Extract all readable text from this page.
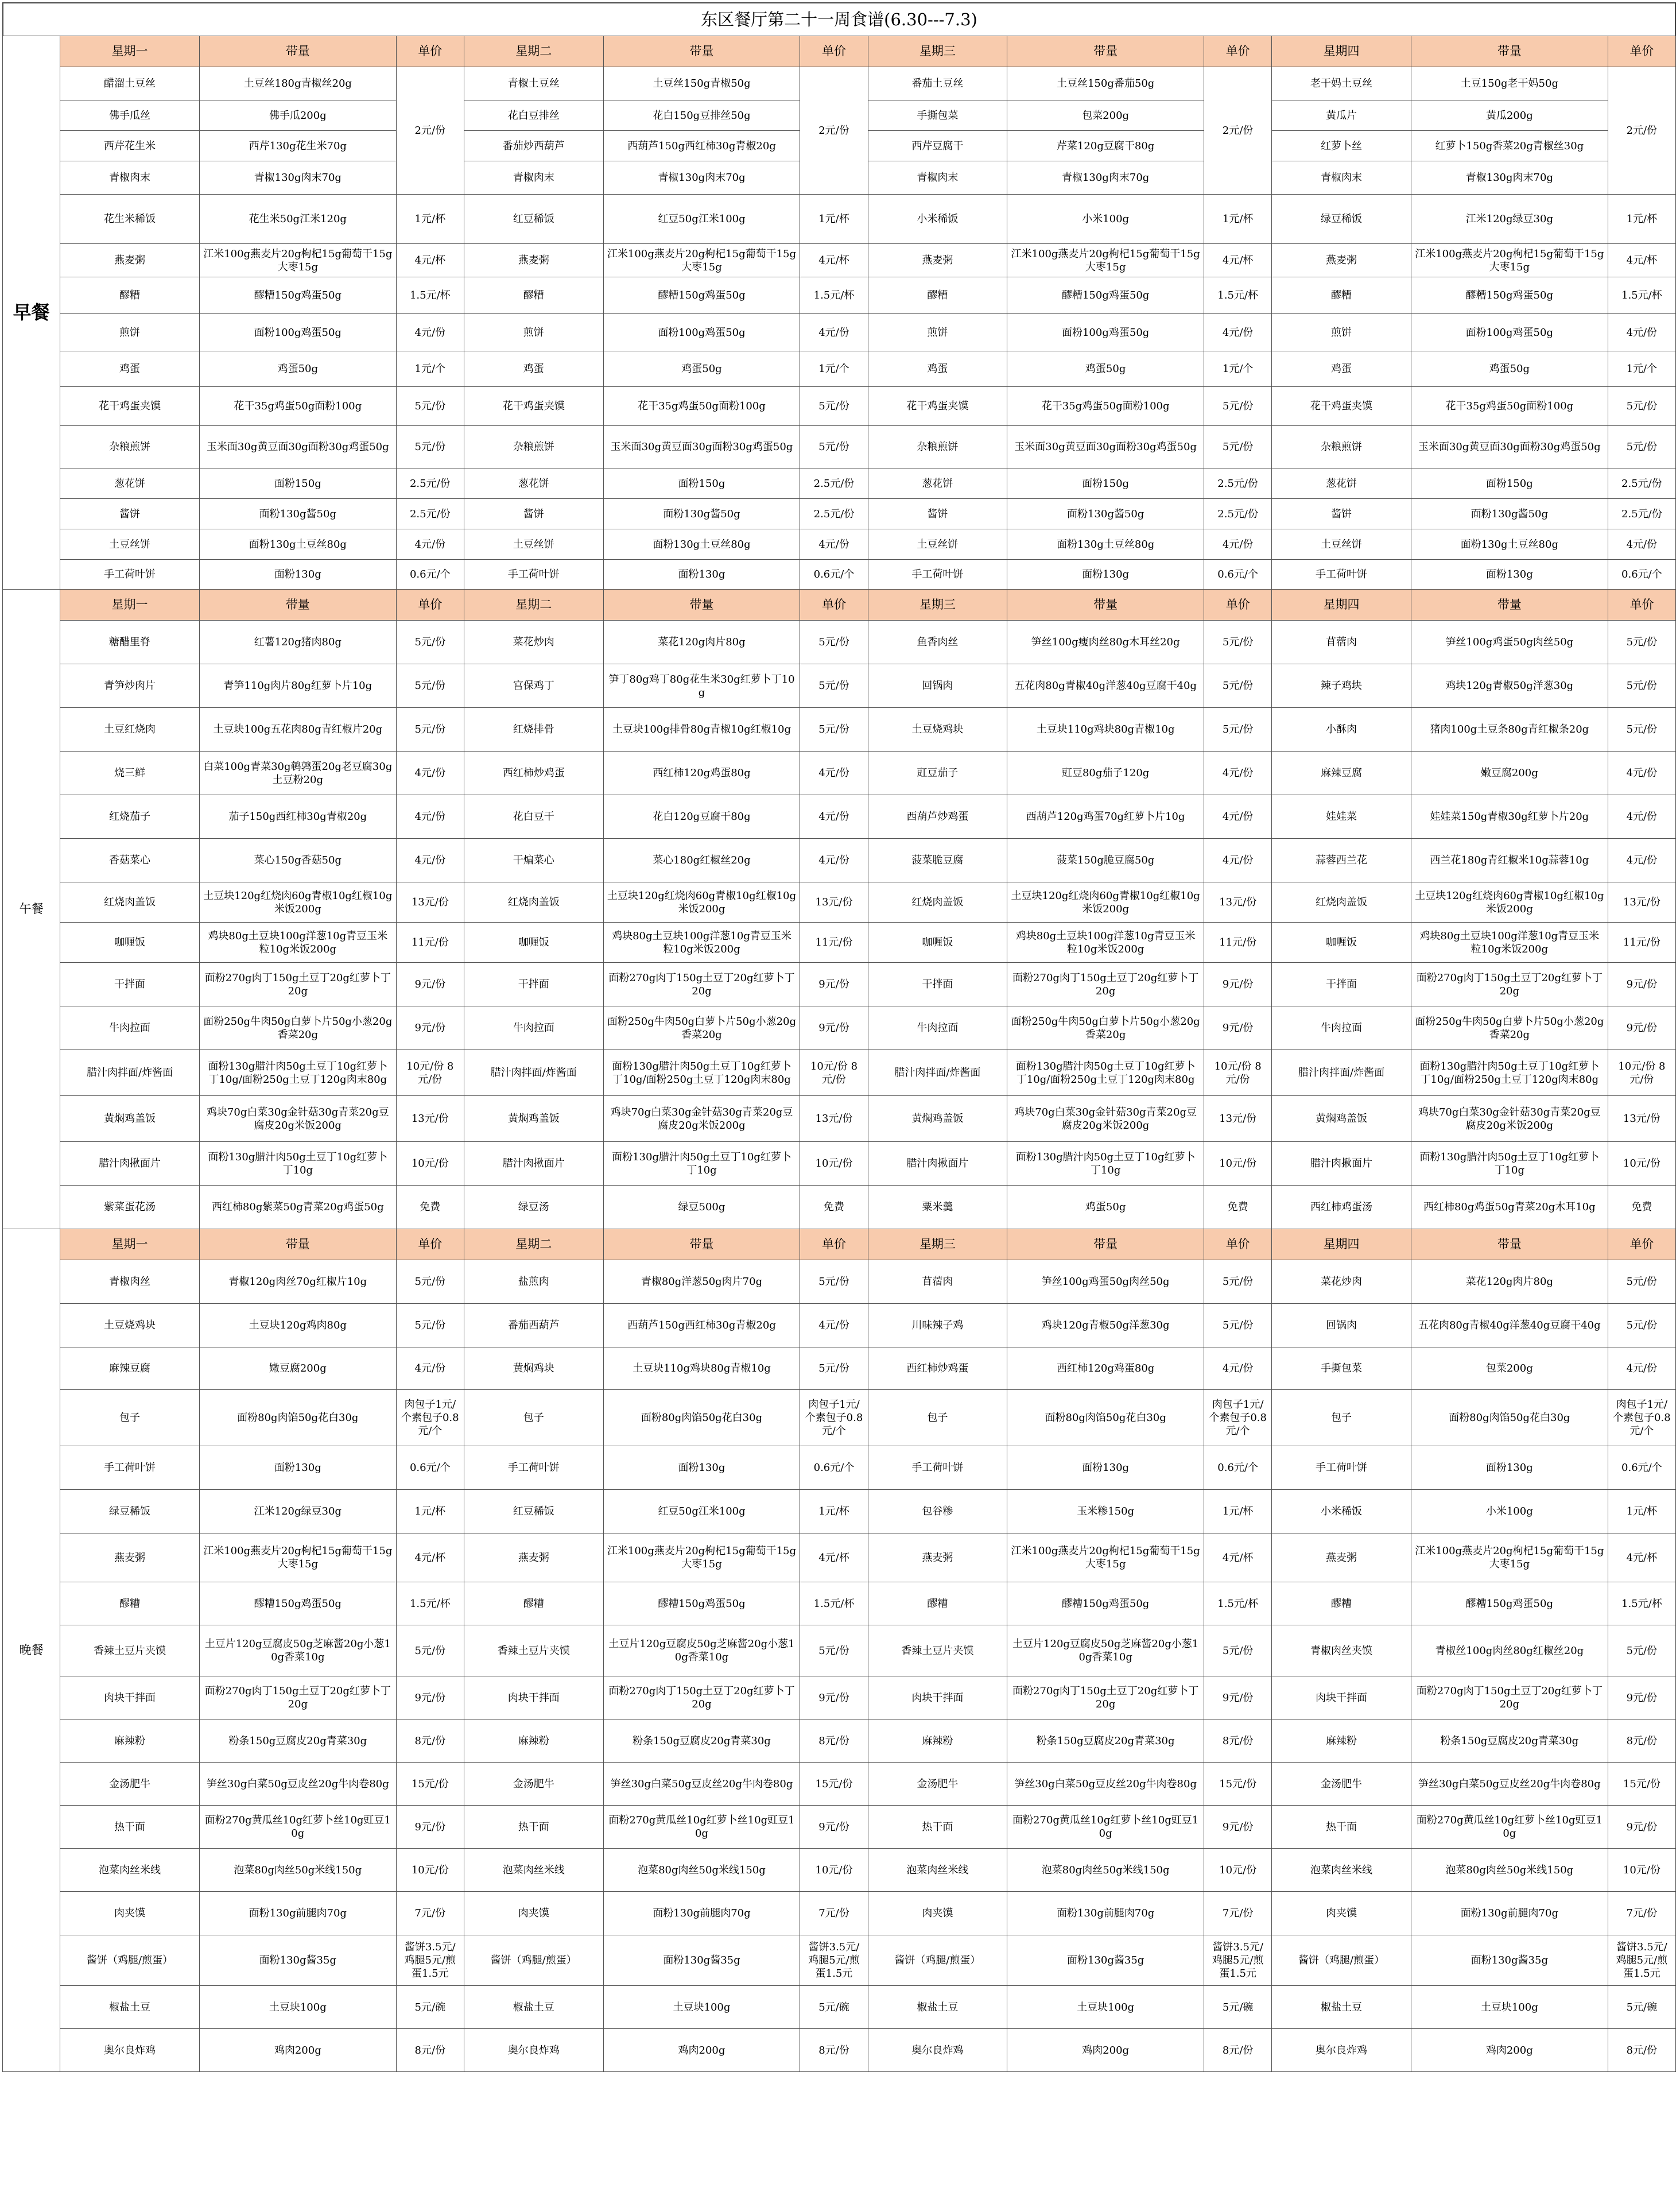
东区餐厅第二十一周食谱(6.30---7.3)
早餐	星期一	带量	单价	星期二	带量	单价	星期三	带量	单价	星期四	带量	单价
	醋溜土豆丝	土豆丝180g青椒丝20g	2元/份	青椒土豆丝	土豆丝150g青椒50g	2元/份	番茄土豆丝	土豆丝150g番茄50g	2元/份	老干妈土豆丝	土豆150g老干妈50g	2元/份
	佛手瓜丝	佛手瓜200g		花白豆排丝	花白150g豆排丝50g		手撕包菜	包菜200g		黄瓜片	黄瓜200g	
	西芹花生米	西芹130g花生米70g		番茄炒西葫芦	西葫芦150g西红柿30g青椒20g		西芹豆腐干	芹菜120g豆腐干80g		红萝卜丝	红萝卜150g香菜20g青椒丝30g	
	青椒肉末	青椒130g肉末70g		青椒肉末	青椒130g肉末70g		青椒肉末	青椒130g肉末70g		青椒肉末	青椒130g肉末70g	
	花生米稀饭	花生米50g江米120g	1元/杯	红豆稀饭	红豆50g江米100g	1元/杯	小米稀饭	小米100g	1元/杯	绿豆稀饭	江米120g绿豆30g	1元/杯
	燕麦粥	江米100g燕麦片20g枸杞15g葡萄干15g大枣15g	4元/杯	燕麦粥	江米100g燕麦片20g枸杞15g葡萄干15g大枣15g	4元/杯	燕麦粥	江米100g燕麦片20g枸杞15g葡萄干15g大枣15g	4元/杯	燕麦粥	江米100g燕麦片20g枸杞15g葡萄干15g大枣15g	4元/杯
	醪糟	醪糟150g鸡蛋50g	1.5元/杯	醪糟	醪糟150g鸡蛋50g	1.5元/杯	醪糟	醪糟150g鸡蛋50g	1.5元/杯	醪糟	醪糟150g鸡蛋50g	1.5元/杯
	煎饼	面粉100g鸡蛋50g	4元/份	煎饼	面粉100g鸡蛋50g	4元/份	煎饼	面粉100g鸡蛋50g	4元/份	煎饼	面粉100g鸡蛋50g	4元/份
	鸡蛋	鸡蛋50g	1元/个	鸡蛋	鸡蛋50g	1元/个	鸡蛋	鸡蛋50g	1元/个	鸡蛋	鸡蛋50g	1元/个
	花干鸡蛋夹馍	花干35g鸡蛋50g面粉100g	5元/份	花干鸡蛋夹馍	花干35g鸡蛋50g面粉100g	5元/份	花干鸡蛋夹馍	花干35g鸡蛋50g面粉100g	5元/份	花干鸡蛋夹馍	花干35g鸡蛋50g面粉100g	5元/份
	杂粮煎饼	玉米面30g黄豆面30g面粉30g鸡蛋50g	5元/份	杂粮煎饼	玉米面30g黄豆面30g面粉30g鸡蛋50g	5元/份	杂粮煎饼	玉米面30g黄豆面30g面粉30g鸡蛋50g	5元/份	杂粮煎饼	玉米面30g黄豆面30g面粉30g鸡蛋50g	5元/份
	葱花饼	面粉150g	2.5元/份	葱花饼	面粉150g	2.5元/份	葱花饼	面粉150g	2.5元/份	葱花饼	面粉150g	2.5元/份
	酱饼	面粉130g酱50g	2.5元/份	酱饼	面粉130g酱50g	2.5元/份	酱饼	面粉130g酱50g	2.5元/份	酱饼	面粉130g酱50g	2.5元/份
	土豆丝饼	面粉130g土豆丝80g	4元/份	土豆丝饼	面粉130g土豆丝80g	4元/份	土豆丝饼	面粉130g土豆丝80g	4元/份	土豆丝饼	面粉130g土豆丝80g	4元/份
	手工荷叶饼	面粉130g	0.6元/个	手工荷叶饼	面粉130g	0.6元/个	手工荷叶饼	面粉130g	0.6元/个	手工荷叶饼	面粉130g	0.6元/个
午餐	星期一	带量	单价	星期二	带量	单价	星期三	带量	单价	星期四	带量	单价
	糖醋里脊	红薯120g猪肉80g	5元/份	菜花炒肉	菜花120g肉片80g	5元/份	鱼香肉丝	笋丝100g瘦肉丝80g木耳丝20g	5元/份	苜蓿肉	笋丝100g鸡蛋50g肉丝50g	5元/份
	青笋炒肉片	青笋110g肉片80g红萝卜片10g	5元/份	宫保鸡丁	笋丁80g鸡丁80g花生米30g红萝卜丁10g	5元/份	回锅肉	五花肉80g青椒40g洋葱40g豆腐干40g	5元/份	辣子鸡块	鸡块120g青椒50g洋葱30g	5元/份
	土豆红烧肉	土豆块100g五花肉80g青红椒片20g	5元/份	红烧排骨	土豆块100g排骨80g青椒10g红椒10g	5元/份	土豆烧鸡块	土豆块110g鸡块80g青椒10g	5元/份	小酥肉	猪肉100g土豆条80g青红椒条20g	5元/份
	烧三鲜	白菜100g青菜30g鹌鹑蛋20g老豆腐30g土豆粉20g	4元/份	西红柿炒鸡蛋	西红柿120g鸡蛋80g	4元/份	豇豆茄子	豇豆80g茄子120g	4元/份	麻辣豆腐	嫩豆腐200g	4元/份
	红烧茄子	茄子150g西红柿30g青椒20g	4元/份	花白豆干	花白120g豆腐干80g	4元/份	西葫芦炒鸡蛋	西葫芦120g鸡蛋70g红萝卜片10g	4元/份	娃娃菜	娃娃菜150g青椒30g红萝卜片20g	4元/份
	香菇菜心	菜心150g香菇50g	4元/份	干煸菜心	菜心180g红椒丝20g	4元/份	菠菜脆豆腐	菠菜150g脆豆腐50g	4元/份	蒜蓉西兰花	西兰花180g青红椒米10g蒜蓉10g	4元/份
	红烧肉盖饭	土豆块120g红烧肉60g青椒10g红椒10g米饭200g	13元/份	红烧肉盖饭	土豆块120g红烧肉60g青椒10g红椒10g米饭200g	13元/份	红烧肉盖饭	土豆块120g红烧肉60g青椒10g红椒10g米饭200g	13元/份	红烧肉盖饭	土豆块120g红烧肉60g青椒10g红椒10g米饭200g	13元/份
	咖喱饭	鸡块80g土豆块100g洋葱10g青豆玉米粒10g米饭200g	11元/份	咖喱饭	鸡块80g土豆块100g洋葱10g青豆玉米粒10g米饭200g	11元/份	咖喱饭	鸡块80g土豆块100g洋葱10g青豆玉米粒10g米饭200g	11元/份	咖喱饭	鸡块80g土豆块100g洋葱10g青豆玉米粒10g米饭200g	11元/份
	干拌面	面粉270g肉丁150g土豆丁20g红萝卜丁20g	9元/份	干拌面	面粉270g肉丁150g土豆丁20g红萝卜丁20g	9元/份	干拌面	面粉270g肉丁150g土豆丁20g红萝卜丁20g	9元/份	干拌面	面粉270g肉丁150g土豆丁20g红萝卜丁20g	9元/份
	牛肉拉面	面粉250g牛肉50g白萝卜片50g小葱20g香菜20g	9元/份	牛肉拉面	面粉250g牛肉50g白萝卜片50g小葱20g香菜20g	9元/份	牛肉拉面	面粉250g牛肉50g白萝卜片50g小葱20g香菜20g	9元/份	牛肉拉面	面粉250g牛肉50g白萝卜片50g小葱20g香菜20g	9元/份
	腊汁肉拌面/炸酱面	面粉130g腊汁肉50g土豆丁10g红萝卜丁10g/面粉250g土豆丁120g肉末80g	10元/份 8元/份	腊汁肉拌面/炸酱面	面粉130g腊汁肉50g土豆丁10g红萝卜丁10g/面粉250g土豆丁120g肉末80g	10元/份 8元/份	腊汁肉拌面/炸酱面	面粉130g腊汁肉50g土豆丁10g红萝卜丁10g/面粉250g土豆丁120g肉末80g	10元/份 8元/份	腊汁肉拌面/炸酱面	面粉130g腊汁肉50g土豆丁10g红萝卜丁10g/面粉250g土豆丁120g肉末80g	10元/份 8元/份
	黄焖鸡盖饭	鸡块70g白菜30g金针菇30g青菜20g豆腐皮20g米饭200g	13元/份	黄焖鸡盖饭	鸡块70g白菜30g金针菇30g青菜20g豆腐皮20g米饭200g	13元/份	黄焖鸡盖饭	鸡块70g白菜30g金针菇30g青菜20g豆腐皮20g米饭200g	13元/份	黄焖鸡盖饭	鸡块70g白菜30g金针菇30g青菜20g豆腐皮20g米饭200g	13元/份
	腊汁肉揪面片	面粉130g腊汁肉50g土豆丁10g红萝卜丁10g	10元/份	腊汁肉揪面片	面粉130g腊汁肉50g土豆丁10g红萝卜丁10g	10元/份	腊汁肉揪面片	面粉130g腊汁肉50g土豆丁10g红萝卜丁10g	10元/份	腊汁肉揪面片	面粉130g腊汁肉50g土豆丁10g红萝卜丁10g	10元/份
	紫菜蛋花汤	西红柿80g紫菜50g青菜20g鸡蛋50g	免费	绿豆汤	绿豆500g	免费	粟米羹	鸡蛋50g	免费	西红柿鸡蛋汤	西红柿80g鸡蛋50g青菜20g木耳10g	免费
晚餐	星期一	带量	单价	星期二	带量	单价	星期三	带量	单价	星期四	带量	单价
	青椒肉丝	青椒120g肉丝70g红椒片10g	5元/份	盐煎肉	青椒80g洋葱50g肉片70g	5元/份	苜蓿肉	笋丝100g鸡蛋50g肉丝50g	5元/份	菜花炒肉	菜花120g肉片80g	5元/份
	土豆烧鸡块	土豆块120g鸡肉80g	5元/份	番茄西葫芦	西葫芦150g西红柿30g青椒20g	4元/份	川味辣子鸡	鸡块120g青椒50g洋葱30g	5元/份	回锅肉	五花肉80g青椒40g洋葱40g豆腐干40g	5元/份
	麻辣豆腐	嫩豆腐200g	4元/份	黄焖鸡块	土豆块110g鸡块80g青椒10g	5元/份	西红柿炒鸡蛋	西红柿120g鸡蛋80g	4元/份	手撕包菜	包菜200g	4元/份
	包子	面粉80g肉馅50g花白30g	肉包子1元/个素包子0.8元/个	包子	面粉80g肉馅50g花白30g	肉包子1元/个素包子0.8元/个	包子	面粉80g肉馅50g花白30g	肉包子1元/个素包子0.8元/个	包子	面粉80g肉馅50g花白30g	肉包子1元/个素包子0.8元/个
	手工荷叶饼	面粉130g	0.6元/个	手工荷叶饼	面粉130g	0.6元/个	手工荷叶饼	面粉130g	0.6元/个	手工荷叶饼	面粉130g	0.6元/个
	绿豆稀饭	江米120g绿豆30g	1元/杯	红豆稀饭	红豆50g江米100g	1元/杯	包谷糁	玉米糁150g	1元/杯	小米稀饭	小米100g	1元/杯
	燕麦粥	江米100g燕麦片20g枸杞15g葡萄干15g大枣15g	4元/杯	燕麦粥	江米100g燕麦片20g枸杞15g葡萄干15g大枣15g	4元/杯	燕麦粥	江米100g燕麦片20g枸杞15g葡萄干15g大枣15g	4元/杯	燕麦粥	江米100g燕麦片20g枸杞15g葡萄干15g大枣15g	4元/杯
	醪糟	醪糟150g鸡蛋50g	1.5元/杯	醪糟	醪糟150g鸡蛋50g	1.5元/杯	醪糟	醪糟150g鸡蛋50g	1.5元/杯	醪糟	醪糟150g鸡蛋50g	1.5元/杯
	香辣土豆片夹馍	土豆片120g豆腐皮50g芝麻酱20g小葱10g香菜10g	5元/份	香辣土豆片夹馍	土豆片120g豆腐皮50g芝麻酱20g小葱10g香菜10g	5元/份	香辣土豆片夹馍	土豆片120g豆腐皮50g芝麻酱20g小葱10g香菜10g	5元/份	青椒肉丝夹馍	青椒丝100g肉丝80g红椒丝20g	5元/份
	肉块干拌面	面粉270g肉丁150g土豆丁20g红萝卜丁20g	9元/份	肉块干拌面	面粉270g肉丁150g土豆丁20g红萝卜丁20g	9元/份	肉块干拌面	面粉270g肉丁150g土豆丁20g红萝卜丁20g	9元/份	肉块干拌面	面粉270g肉丁150g土豆丁20g红萝卜丁20g	9元/份
	麻辣粉	粉条150g豆腐皮20g青菜30g	8元/份	麻辣粉	粉条150g豆腐皮20g青菜30g	8元/份	麻辣粉	粉条150g豆腐皮20g青菜30g	8元/份	麻辣粉	粉条150g豆腐皮20g青菜30g	8元/份
	金汤肥牛	笋丝30g白菜50g豆皮丝20g牛肉卷80g	15元/份	金汤肥牛	笋丝30g白菜50g豆皮丝20g牛肉卷80g	15元/份	金汤肥牛	笋丝30g白菜50g豆皮丝20g牛肉卷80g	15元/份	金汤肥牛	笋丝30g白菜50g豆皮丝20g牛肉卷80g	15元/份
	热干面	面粉270g黄瓜丝10g红萝卜丝10g豇豆10g	9元/份	热干面	面粉270g黄瓜丝10g红萝卜丝10g豇豆10g	9元/份	热干面	面粉270g黄瓜丝10g红萝卜丝10g豇豆10g	9元/份	热干面	面粉270g黄瓜丝10g红萝卜丝10g豇豆10g	9元/份
	泡菜肉丝米线	泡菜80g肉丝50g米线150g	10元/份	泡菜肉丝米线	泡菜80g肉丝50g米线150g	10元/份	泡菜肉丝米线	泡菜80g肉丝50g米线150g	10元/份	泡菜肉丝米线	泡菜80g肉丝50g米线150g	10元/份
	肉夹馍	面粉130g前腿肉70g	7元/份	肉夹馍	面粉130g前腿肉70g	7元/份	肉夹馍	面粉130g前腿肉70g	7元/份	肉夹馍	面粉130g前腿肉70g	7元/份
	酱饼（鸡腿/煎蛋）	面粉130g酱35g	酱饼3.5元/鸡腿5元/煎蛋1.5元	酱饼（鸡腿/煎蛋）	面粉130g酱35g	酱饼3.5元/鸡腿5元/煎蛋1.5元	酱饼（鸡腿/煎蛋）	面粉130g酱35g	酱饼3.5元/鸡腿5元/煎蛋1.5元	酱饼（鸡腿/煎蛋）	面粉130g酱35g	酱饼3.5元/鸡腿5元/煎蛋1.5元
	椒盐土豆	土豆块100g	5元/碗	椒盐土豆	土豆块100g	5元/碗	椒盐土豆	土豆块100g	5元/碗	椒盐土豆	土豆块100g	5元/碗
	奥尔良炸鸡	鸡肉200g	8元/份	奥尔良炸鸡	鸡肉200g	8元/份	奥尔良炸鸡	鸡肉200g	8元/份	奥尔良炸鸡	鸡肉200g	8元/份
